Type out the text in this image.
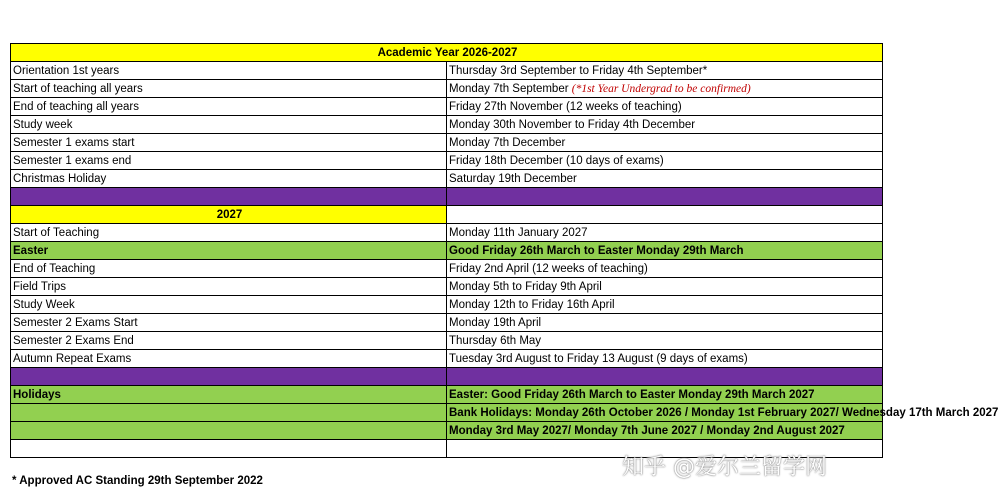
Academic Year 2026-2027	
Orientation 1st years	Thursday 3rd September to Friday 4th September*
Start of teaching all years	Monday 7th September (*1st Year Undergrad to be confirmed)
End of teaching all years	Friday 27th November (12 weeks of teaching)
Study week	Monday 30th November to Friday 4th December
Semester 1 exams start	Monday 7th December
Semester 1 exams end	Friday 18th December (10 days of exams)
Christmas Holiday	Saturday 19th December

2027	
Start of Teaching	Monday 11th January 2027
Easter	Good Friday 26th March to Easter Monday 29th March
End of Teaching	Friday 2nd April (12 weeks of teaching)
Field Trips	Monday 5th to Friday 9th April
Study Week	Monday 12th to Friday 16th April
Semester 2 Exams Start	Monday 19th April
Semester 2 Exams End	Thursday 6th May
Autumn Repeat Exams	Tuesday 3rd August to Friday 13 August (9 days of exams)

Holidays	Easter: Good Friday 26th March to Easter Monday 29th March 2027
	Bank Holidays: Monday 26th October 2026 / Monday 1st February 2027/ Wednesday 17th March 2027
	Monday 3rd May 2027/ Monday 7th June 2027 / Monday 2nd August 2027

* Approved AC Standing 29th September 2022
知乎 @爱尔兰留学网
